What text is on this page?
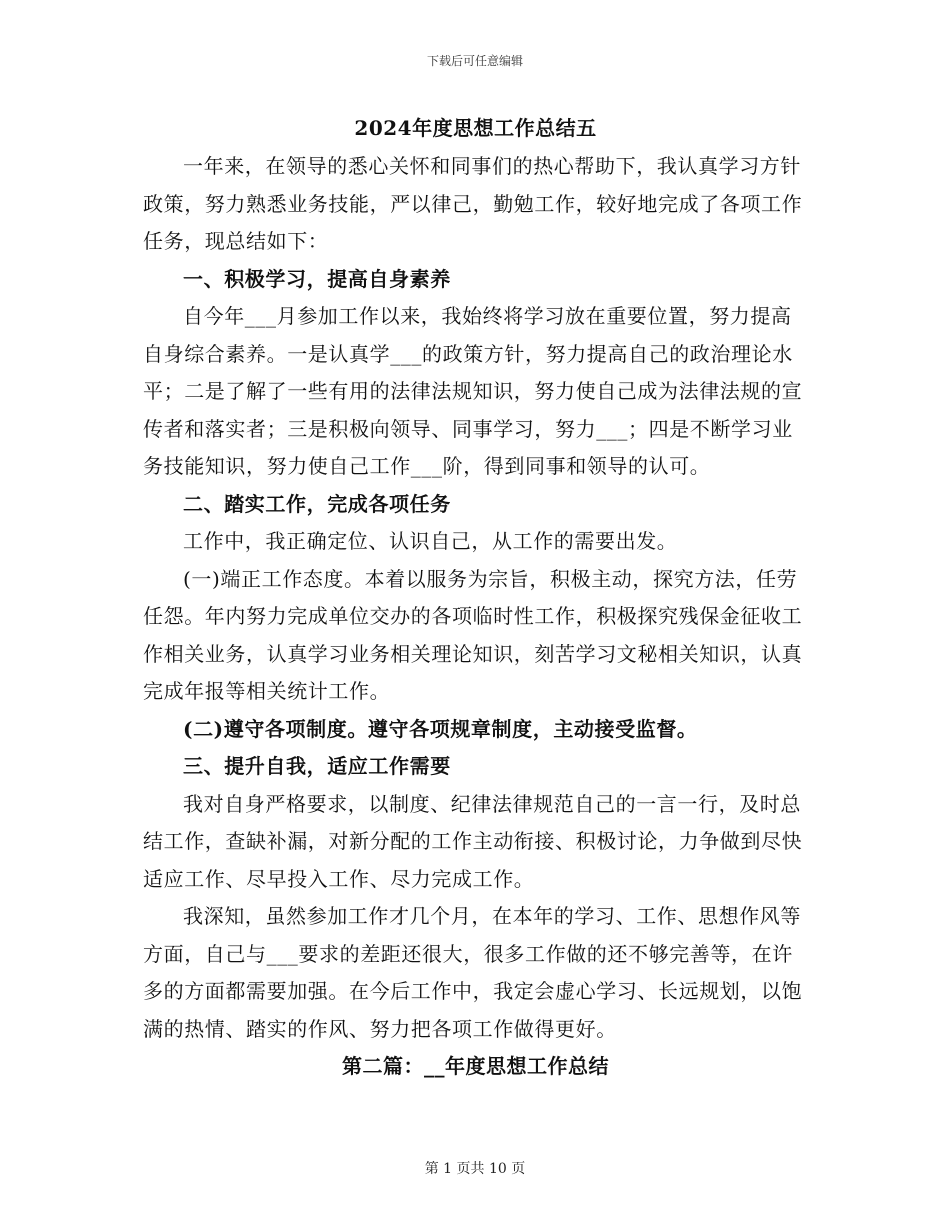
下载后可任意编辑
2024年度思想工作总结五

一年来，在领导的悉心关怀和同事们的热心帮助下，我认真学习方针政策，努力熟悉业务技能，严以律己，勤勉工作，较好地完成了各项工作任务，现总结如下：

一、积极学习，提高自身素养

自今年___月参加工作以来，我始终将学习放在重要位置，努力提高自身综合素养。一是认真学___的政策方针，努力提高自己的政治理论水平；二是了解了一些有用的法律法规知识，努力使自己成为法律法规的宣传者和落实者；三是积极向领导、同事学习，努力___；四是不断学习业务技能知识，努力使自己工作___阶，得到同事和领导的认可。

二、踏实工作，完成各项任务

工作中，我正确定位、认识自己，从工作的需要出发。

(一)端正工作态度。本着以服务为宗旨，积极主动，探究方法，任劳任怨。年内努力完成单位交办的各项临时性工作，积极探究残保金征收工作相关业务，认真学习业务相关理论知识，刻苦学习文秘相关知识，认真完成年报等相关统计工作。

(二)遵守各项制度。遵守各项规章制度，主动接受监督。

三、提升自我，适应工作需要

我对自身严格要求，以制度、纪律法律规范自己的一言一行，及时总结工作，查缺补漏，对新分配的工作主动衔接、积极讨论，力争做到尽快适应工作、尽早投入工作、尽力完成工作。

我深知，虽然参加工作才几个月，在本年的学习、工作、思想作风等方面，自己与___要求的差距还很大，很多工作做的还不够完善等，在许多的方面都需要加强。在今后工作中，我定会虚心学习、长远规划，以饱满的热情、踏实的作风、努力把各项工作做得更好。

第二篇：__年度思想工作总结

第 1 页共 10 页
